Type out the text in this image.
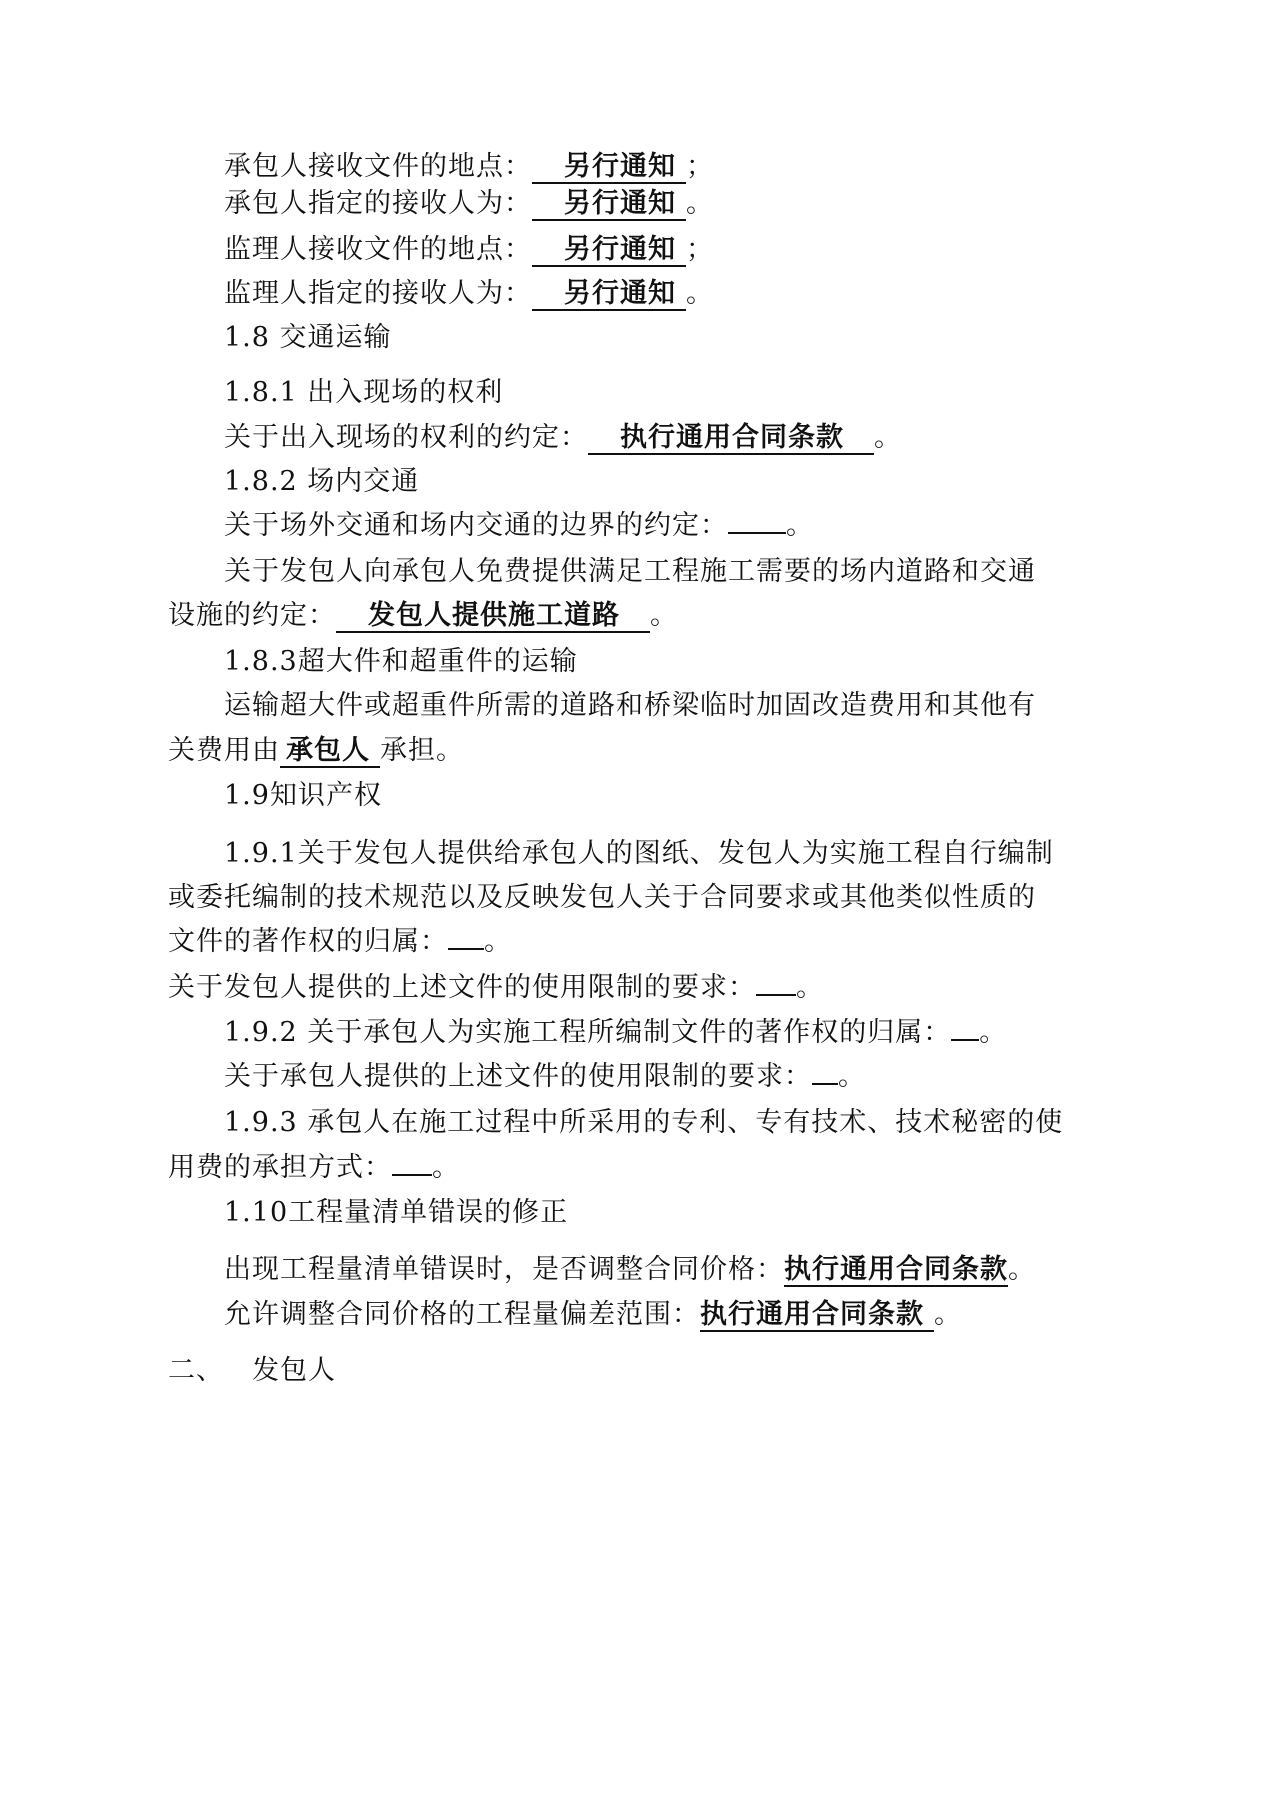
承包人接收文件的地点： 另行通知 ；
承包人指定的接收人为： 另行通知 。
监理人接收文件的地点： 另行通知 ；
监理人指定的接收人为： 另行通知 。
1.8 交通运输
1.8.1 出入现场的权利
关于出入现场的权利的约定： 执行通用合同条款 。
1.8.2 场内交通
关于场外交通和场内交通的边界的约定： 。
关于发包人向承包人免费提供满足工程施工需要的场内道路和交通
设施的约定： 发包人提供施工道路 。
1.8.3超大件和超重件的运输
运输超大件或超重件所需的道路和桥梁临时加固改造费用和其他有
关费用由 承包人 承担。
1.9知识产权
1.9.1关于发包人提供给承包人的图纸、发包人为实施工程自行编制
或委托编制的技术规范以及反映发包人关于合同要求或其他类似性质的
文件的著作权的归属： 。
关于发包人提供的上述文件的使用限制的要求： 。
1.9.2 关于承包人为实施工程所编制文件的著作权的归属： 。
关于承包人提供的上述文件的使用限制的要求： 。
1.9.3 承包人在施工过程中所采用的专利、专有技术、技术秘密的使
用费的承担方式： 。
1.10工程量清单错误的修正
出现工程量清单错误时，是否调整合同价格：执行通用合同条款。
允许调整合同价格的工程量偏差范围：执行通用合同条款 。
二、 发包人
